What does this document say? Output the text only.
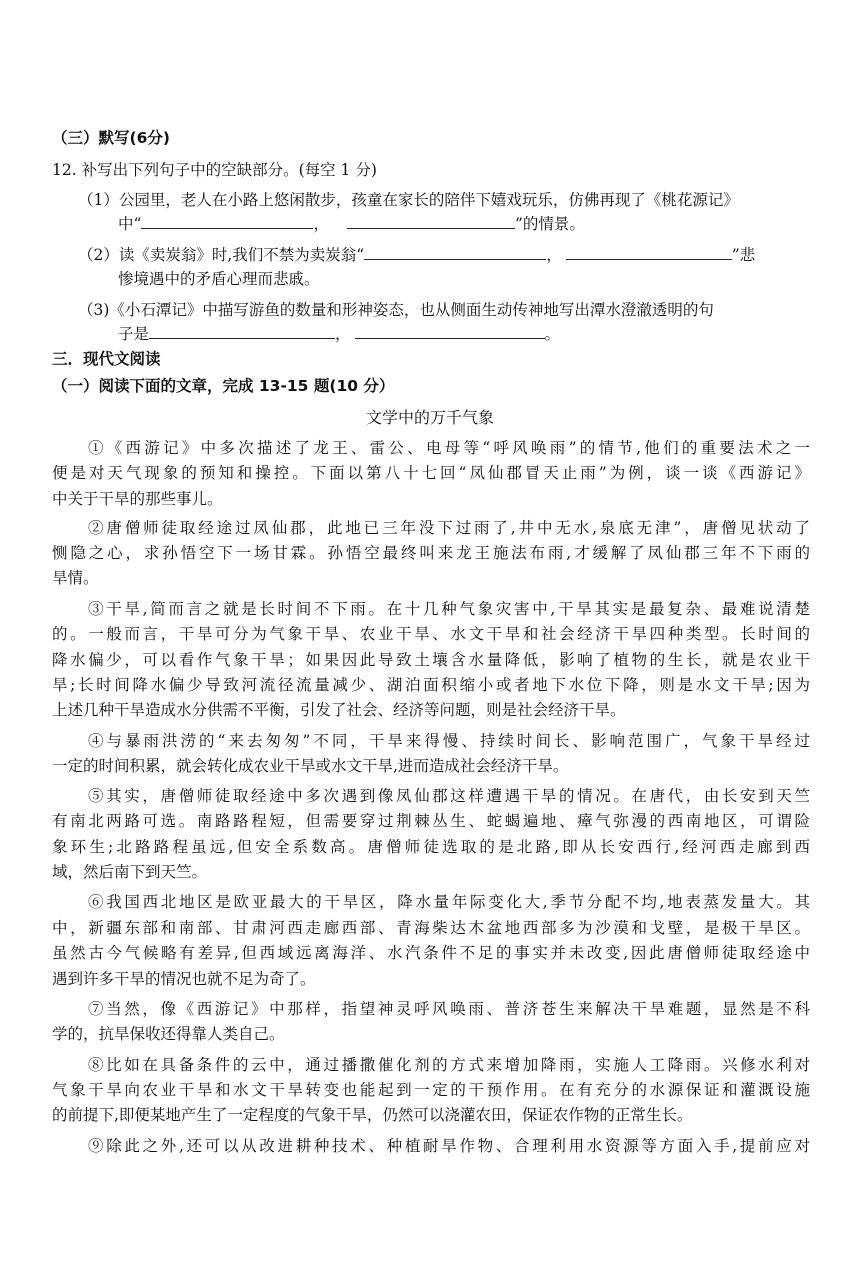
（三）默写(6分)
12. 补写出下列句子中的空缺部分。(每空 1 分)
（1）公园里，老人在小路上悠闲散步，孩童在家长的陪伴下嬉戏玩乐，仿佛再现了《桃花源记》
中“	，	”的情景。
（2）读《卖炭翁》时,我们不禁为卖炭翁“	，	”悲
惨境遇中的矛盾心理而悲戚。
（3)《小石潭记》中描写游鱼的数量和形神姿态，也从侧面生动传神地写出潭水澄澈透明的句
子是	，	。
三．现代文阅读
（一）阅读下面的文章，完成 13-15 题(10 分）
文学中的万千气象
①《西游记》中多次描述了龙王、雷公、电母等“呼风唤雨”的情节,他们的重要法术之一
便是对天气现象的预知和操控。下面以第八十七回“凤仙郡冒天止雨”为例，谈一谈《西游记》
中关于干旱的那些事儿。
②唐僧师徒取经途过凤仙郡，此地已三年没下过雨了,井中无水,泉底无津”，唐僧见状动了
恻隐之心，求孙悟空下一场甘霖。孙悟空最终叫来龙王施法布雨,才缓解了凤仙郡三年不下雨的
旱情。
③干旱,简而言之就是长时间不下雨。在十几种气象灾害中,干旱其实是最复杂、最难说清楚
的。一般而言，干旱可分为气象干旱、农业干旱、水文干旱和社会经济干旱四种类型。长时间的
降水偏少，可以看作气象干旱；如果因此导致土壤含水量降低，影响了植物的生长，就是农业干
旱;长时间降水偏少导致河流径流量减少、湖泊面积缩小或者地下水位下降，则是水文干旱;因为
上述几种干旱造成水分供需不平衡，引发了社会、经济等问题，则是社会经济干旱。
④与暴雨洪涝的“来去匆匆”不同，干旱来得慢、持续时间长、影响范围广，气象干旱经过
一定的时间积累，就会转化成农业干旱或水文干旱,进而造成社会经济干旱。
⑤其实，唐僧师徒取经途中多次遇到像凤仙郡这样遭遇干旱的情况。在唐代，由长安到天竺
有南北两路可选。南路路程短，但需要穿过荆棘丛生、蛇蝎遍地、瘴气弥漫的西南地区，可谓险
象环生;北路路程虽远,但安全系数高。唐僧师徒选取的是北路,即从长安西行,经河西走廊到西
域，然后南下到天竺。
⑥我国西北地区是欧亚最大的干旱区，降水量年际变化大,季节分配不均,地表蒸发量大。其
中，新疆东部和南部、甘肃河西走廊西部、青海柴达木盆地西部多为沙漠和戈壁，是极干旱区。
虽然古今气候略有差异,但西域远离海洋、水汽条件不足的事实并未改变,因此唐僧师徒取经途中
遇到许多干旱的情况也就不足为奇了。
⑦当然，像《西游记》中那样，指望神灵呼风唤雨、普济苍生来解决干旱难题，显然是不科
学的，抗旱保收还得靠人类自己。
⑧比如在具备条件的云中，通过播撒催化剂的方式来增加降雨，实施人工降雨。兴修水利对
气象干旱向农业干旱和水文干旱转变也能起到一定的干预作用。在有充分的水源保证和灌溉设施
的前提下,即便某地产生了一定程度的气象干旱，仍然可以浇灌农田，保证农作物的正常生长。
⑨除此之外,还可以从改进耕种技术、种植耐旱作物、合理利用水资源等方面入手,提前应对
